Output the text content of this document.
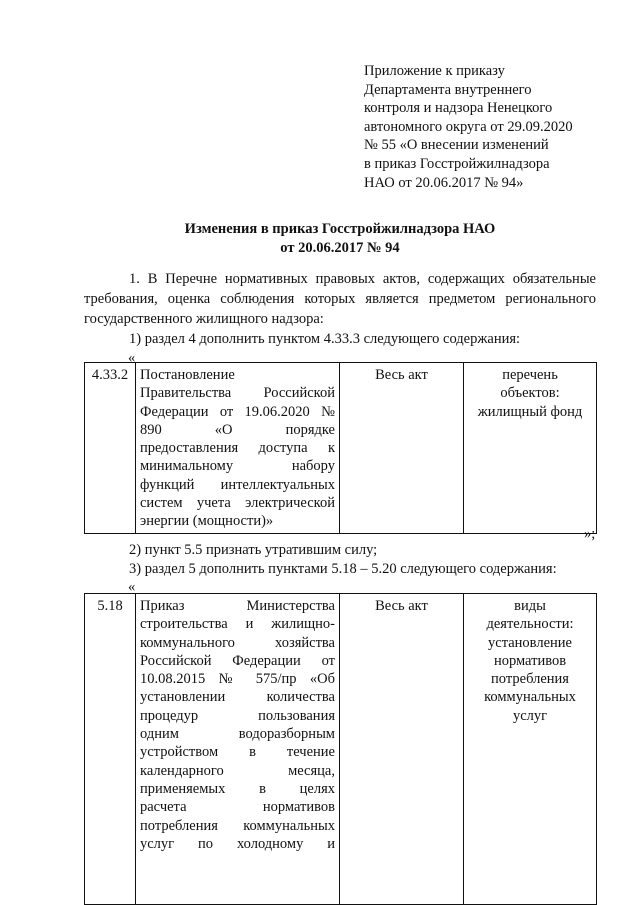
Приложение к приказу
Департамента внутреннего
контроля и надзора Ненецкого
автономного округа от 29.09.2020
№ 55 «О внесении изменений
в приказ Госстройжилнадзора
НАО от 20.06.2017 № 94»
Изменения в приказ Госстройжилнадзора НАО
от 20.06.2017 № 94
1. В Перечне нормативных правовых актов, содержащих обязательные
требования, оценка соблюдения которых является предметом регионального
государственного жилищного надзора:
1) раздел 4 дополнить пунктом 4.33.3 следующего содержания:
«
4.33.2	Постановление
Правительства Российской
Федерации от 19.06.2020 №
890 «О порядке
предоставления доступа к
минимальному набору
функций интеллектуальных
систем учета электрической
энергии (мощности)»
	Весь акт	перечень
объектов:
жилищный фонд
»;
2) пункт 5.5 признать утратившим силу;
3) раздел 5 дополнить пунктами 5.18 – 5.20 следующего содержания:
«
5.18	Приказ Министерства
строительства и жилищно-
коммунального хозяйства
Российской Федерации от
10.08.2015 № 575/пр «Об
установлении количества
процедур пользования
одним водоразборным
устройством в течение
календарного месяца,
применяемых в целях
расчета нормативов
потребления коммунальных
услуг по холодному и
	Весь акт	виды
деятельности:
установление
нормативов
потребления
коммунальных
услуг
